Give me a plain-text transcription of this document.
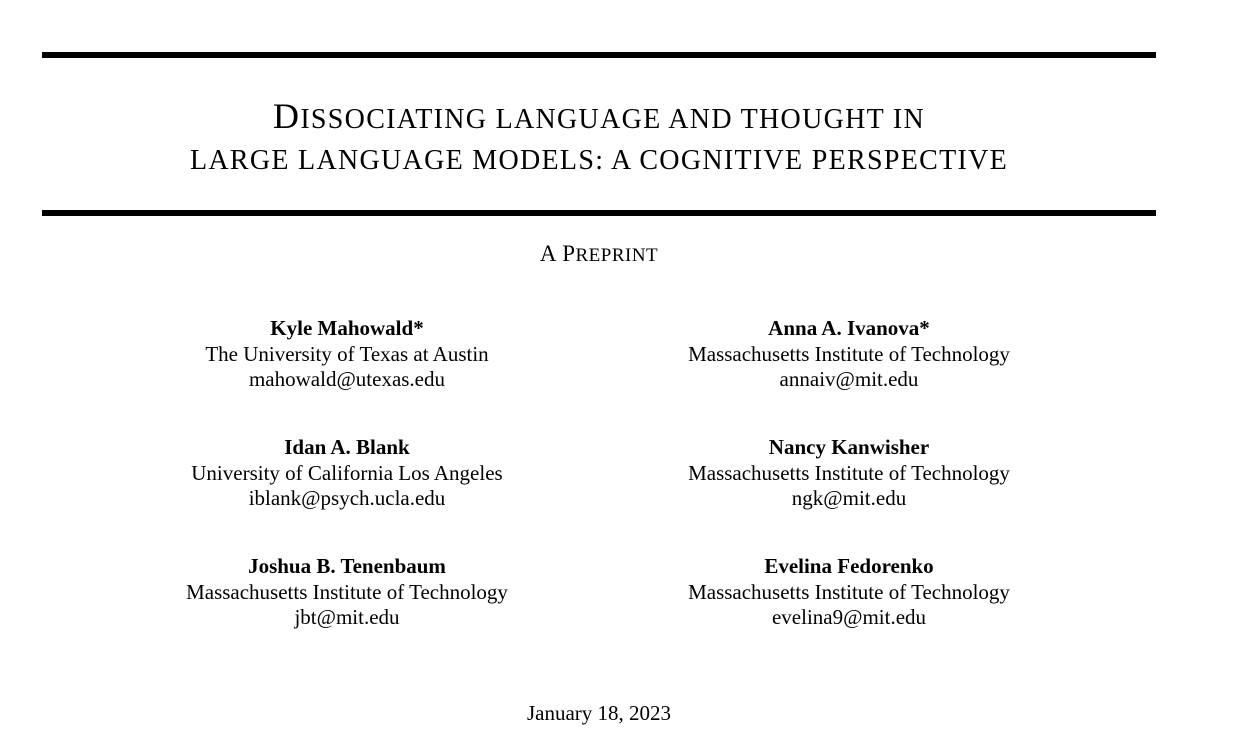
DISSOCIATING LANGUAGE AND THOUGHT IN
LARGE LANGUAGE MODELS: A COGNITIVE PERSPECTIVE
A PREPRINT
Kyle Mahowald*
The University of Texas at Austin
mahowald@utexas.edu
Anna A. Ivanova*
Massachusetts Institute of Technology
annaiv@mit.edu
Idan A. Blank
University of California Los Angeles
iblank@psych.ucla.edu
Nancy Kanwisher
Massachusetts Institute of Technology
ngk@mit.edu
Joshua B. Tenenbaum
Massachusetts Institute of Technology
jbt@mit.edu
Evelina Fedorenko
Massachusetts Institute of Technology
evelina9@mit.edu
January 18, 2023
